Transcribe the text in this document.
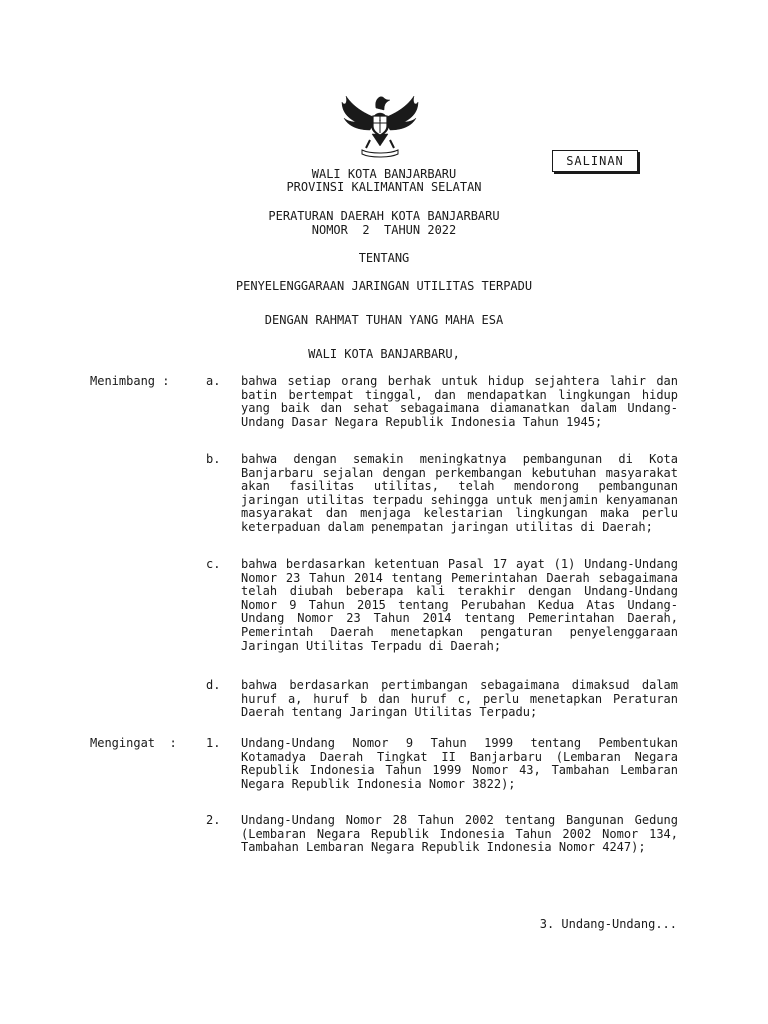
SALINAN
WALI KOTA BANJARBARU
PROVINSI KALIMANTAN SELATAN
PERATURAN DAERAH KOTA BANJARBARU
NOMOR  2  TAHUN 2022
TENTANG
PENYELENGGARAAN JARINGAN UTILITAS TERPADU
DENGAN RAHMAT TUHAN YANG MAHA ESA
WALI KOTA BANJARBARU,
Menimbang :	a. bahwa setiap orang berhak untuk hidup sejahtera lahir dan batin bertempat tinggal, dan mendapatkan lingkungan hidup yang baik dan sehat sebagaimana diamanatkan dalam Undang-Undang Dasar Negara Republik Indonesia Tahun 1945;
b. bahwa dengan semakin meningkatnya pembangunan di Kota Banjarbaru sejalan dengan perkembangan kebutuhan masyarakat akan fasilitas utilitas, telah mendorong pembangunan jaringan utilitas terpadu sehingga untuk menjamin kenyamanan masyarakat dan menjaga kelestarian lingkungan maka perlu keterpaduan dalam penempatan jaringan utilitas di Daerah;
c. bahwa berdasarkan ketentuan Pasal 17 ayat (1) Undang-Undang Nomor 23 Tahun 2014 tentang Pemerintahan Daerah sebagaimana telah diubah beberapa kali terakhir dengan Undang-Undang Nomor 9 Tahun 2015 tentang Perubahan Kedua Atas Undang-Undang Nomor 23 Tahun 2014 tentang Pemerintahan Daerah, Pemerintah Daerah menetapkan pengaturan penyelenggaraan Jaringan Utilitas Terpadu di Daerah;
d. bahwa berdasarkan pertimbangan sebagaimana dimaksud dalam huruf a, huruf b dan huruf c, perlu menetapkan Peraturan Daerah tentang Jaringan Utilitas Terpadu;
Mengingat  : 1. Undang-Undang Nomor 9 Tahun 1999 tentang Pembentukan Kotamadya Daerah Tingkat II Banjarbaru (Lembaran Negara Republik Indonesia Tahun 1999 Nomor 43, Tambahan Lembaran Negara Republik Indonesia Nomor 3822);
2. Undang-Undang Nomor 28 Tahun 2002 tentang Bangunan Gedung (Lembaran Negara Republik Indonesia Tahun 2002 Nomor 134, Tambahan Lembaran Negara Republik Indonesia Nomor 4247);
3. Undang-Undang...
